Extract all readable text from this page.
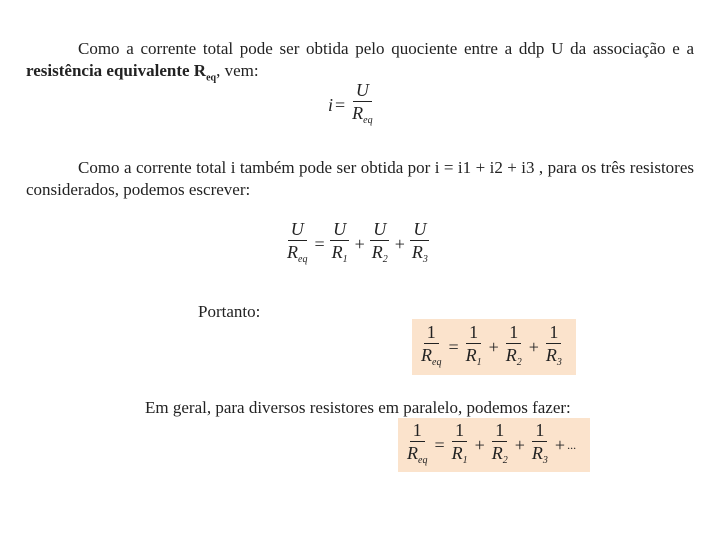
Como a corrente total pode ser obtida pelo quociente entre a ddp U da associação e a
resistência equivalente $R_{eq}$, vem:
$i = \frac{U}{R_{eq}}$
Como a corrente total i também pode ser obtida por i = i1 + i2 + i3 , para os três resistores
considerados, podemos escrever:
$\frac{U}{R_{eq}} = \frac{U}{R_1} + \frac{U}{R_2} + \frac{U}{R_3}$
Portanto:
$\frac{1}{R_{eq}} = \frac{1}{R_1} + \frac{1}{R_2} + \frac{1}{R_3}$
Em geral, para diversos resistores em paralelo, podemos fazer:
$\frac{1}{R_{eq}} = \frac{1}{R_1} + \frac{1}{R_2} + \frac{1}{R_3}$ + ...
